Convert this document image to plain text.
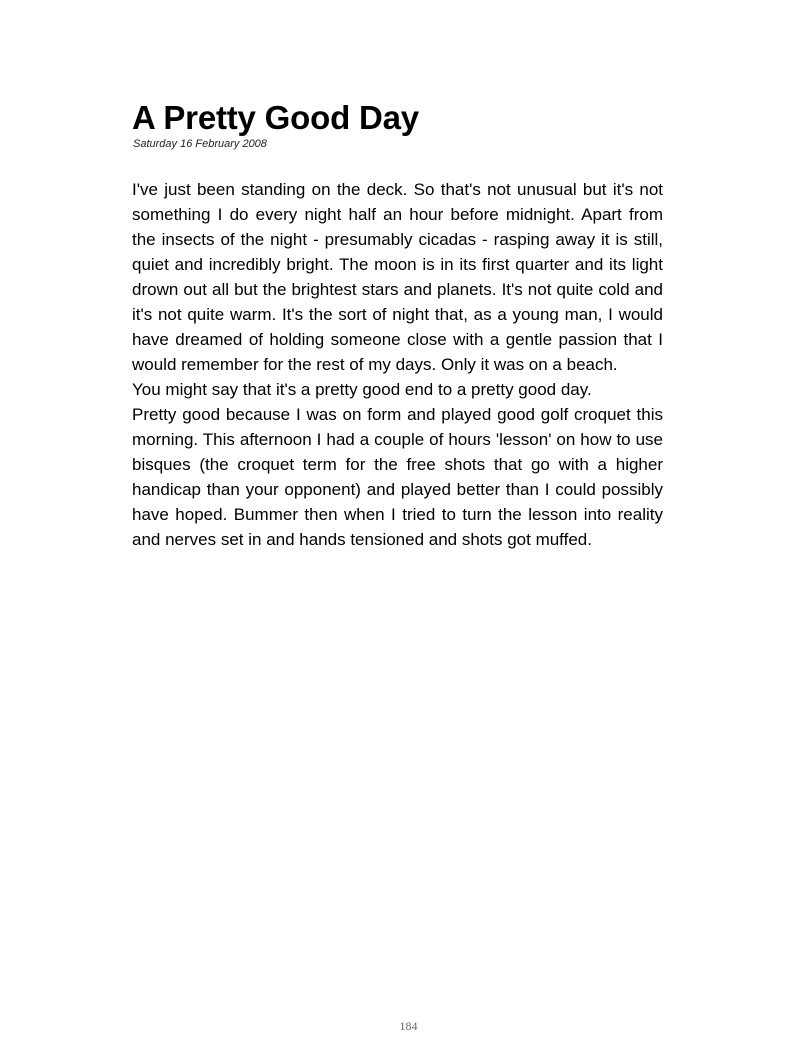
A Pretty Good Day

Saturday 16 February 2008

I've just been standing on the deck. So that's not unusual but it's not something I do every night half an hour before midnight. Apart from the insects of the night - presumably cicadas - rasping away it is still, quiet and incredibly bright. The moon is in its first quarter and its light drown out all but the brightest stars and planets. It's not quite cold and it's not quite warm. It's the sort of night that, as a young man, I would have dreamed of holding someone close with a gentle passion that I would remember for the rest of my days. Only it was on a beach.

You might say that it's a pretty good end to a pretty good day.

Pretty good because I was on form and played good golf croquet this morning. This afternoon I had a couple of hours 'lesson' on how to use bisques (the croquet term for the free shots that go with a higher handicap than your opponent) and played better than I could possibly have hoped. Bummer then when I tried to turn the lesson into reality and nerves set in and hands tensioned and shots got muffed.

184
